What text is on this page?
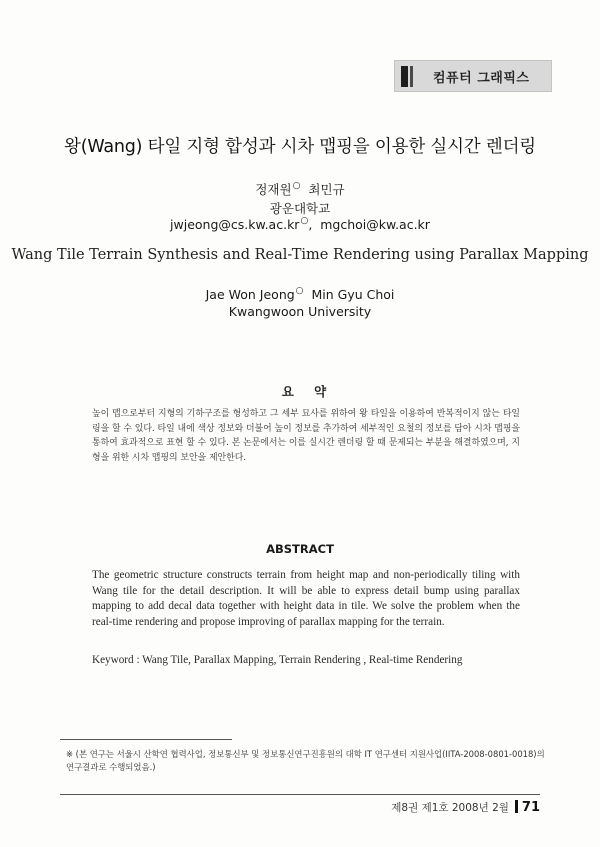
컴퓨터 그래픽스
왕(Wang) 타일 지형 합성과 시차 맵핑을 이용한 실시간 렌더링
정재원○ 최민규
광운대학교
jwjeong@cs.kw.ac.kr○,  mgchoi@kw.ac.kr
Wang Tile Terrain Synthesis and Real-Time Rendering using Parallax Mapping
Jae Won Jeong○ Min Gyu Choi
Kwangwoon University
요 약
높이 맵으로부터 지형의 기하구조를 형성하고 그 세부 묘사를 위하여 왕 타일을 이용하여 반복적이지 않는 타일링을 할 수 있다. 타일 내에 색상 정보와 더불어 높이 정보를 추가하여 세부적인 요철의 정보를 담아 시차 맵핑을 통하여 효과적으로 표현 할 수 있다. 본 논문에서는 이를 실시간 렌더링 할 때 문제되는 부분을 해결하였으며, 지형을 위한 시차 맵핑의 보안을 제안한다.
ABSTRACT
The geometric structure constructs terrain from height map and non-periodically tiling with Wang tile for the detail description. It will be able to express detail bump using parallax mapping to add decal data together with height data in tile. We solve the problem when the real-time rendering and propose improving of parallax mapping for the terrain.
Keyword : Wang Tile, Parallax Mapping, Terrain Rendering , Real-time Rendering
※ (본 연구는 서울시 산학연 협력사업, 정보통신부 및 정보통신연구진흥원의 대학 IT 연구센터 지원사업(IITA-2008-0801-0018)의 연구결과로 수행되었음.)
제8권 제1호 2008년 2월 71
